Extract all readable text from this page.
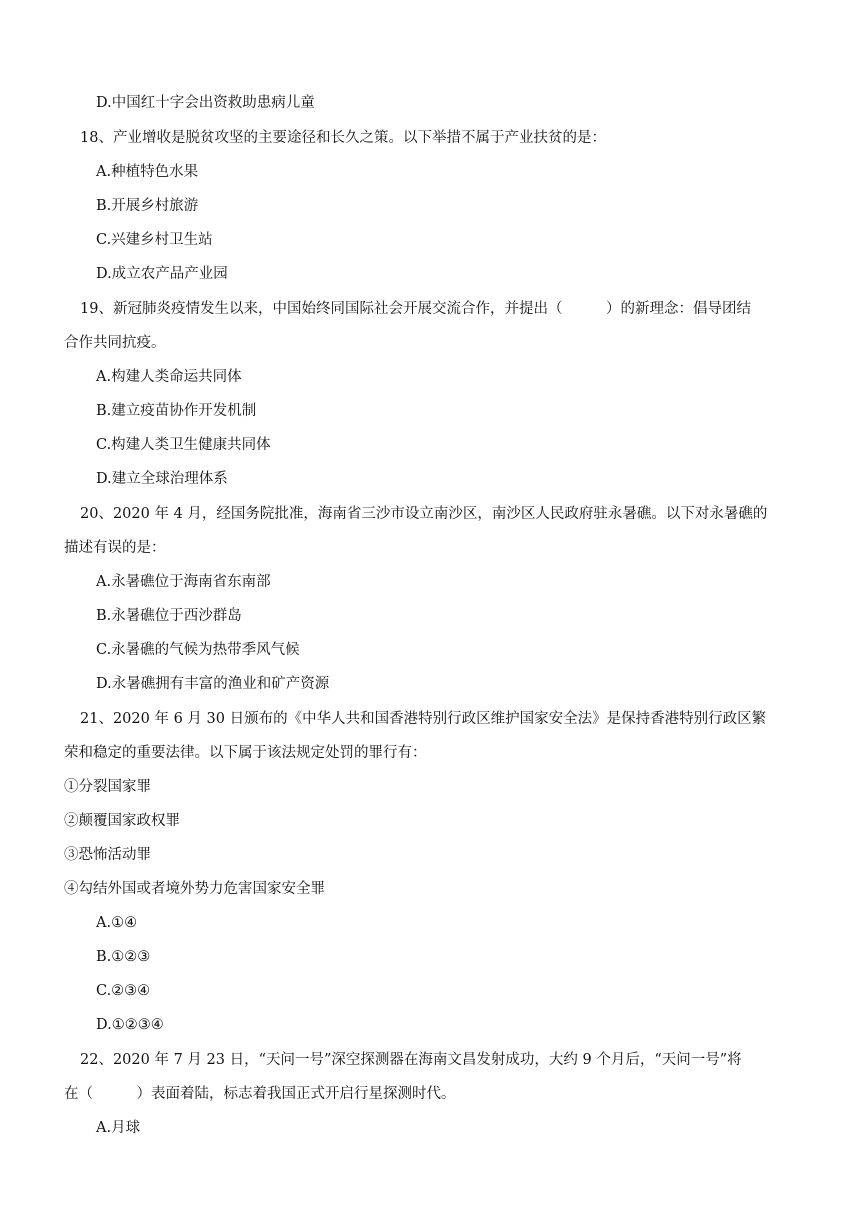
D.中国红十字会出资救助患病儿童
18、产业增收是脱贫攻坚的主要途径和长久之策。以下举措不属于产业扶贫的是：
A.种植特色水果
B.开展乡村旅游
C.兴建乡村卫生站
D.成立农产品产业园
19、新冠肺炎疫情发生以来，中国始终同国际社会开展交流合作，并提出（　　　）的新理念：倡导团结
合作共同抗疫。
A.构建人类命运共同体
B.建立疫苗协作开发机制
C.构建人类卫生健康共同体
D.建立全球治理体系
20、2020 年 4 月，经国务院批准，海南省三沙市设立南沙区，南沙区人民政府驻永暑礁。以下对永暑礁的
描述有误的是：
A.永暑礁位于海南省东南部
B.永暑礁位于西沙群岛
C.永暑礁的气候为热带季风气候
D.永暑礁拥有丰富的渔业和矿产资源
21、2020 年 6 月 30 日颁布的《中华人共和国香港特别行政区维护国家安全法》是保持香港特别行政区繁
荣和稳定的重要法律。以下属于该法规定处罚的罪行有：
①分裂国家罪
②颠覆国家政权罪
③恐怖活动罪
④勾结外国或者境外势力危害国家安全罪
A.①④
B.①②③
C.②③④
D.①②③④
22、2020 年 7 月 23 日，“天问一号”深空探测器在海南文昌发射成功，大约 9 个月后，“天问一号”将
在（　　　）表面着陆，标志着我国正式开启行星探测时代。
A.月球
